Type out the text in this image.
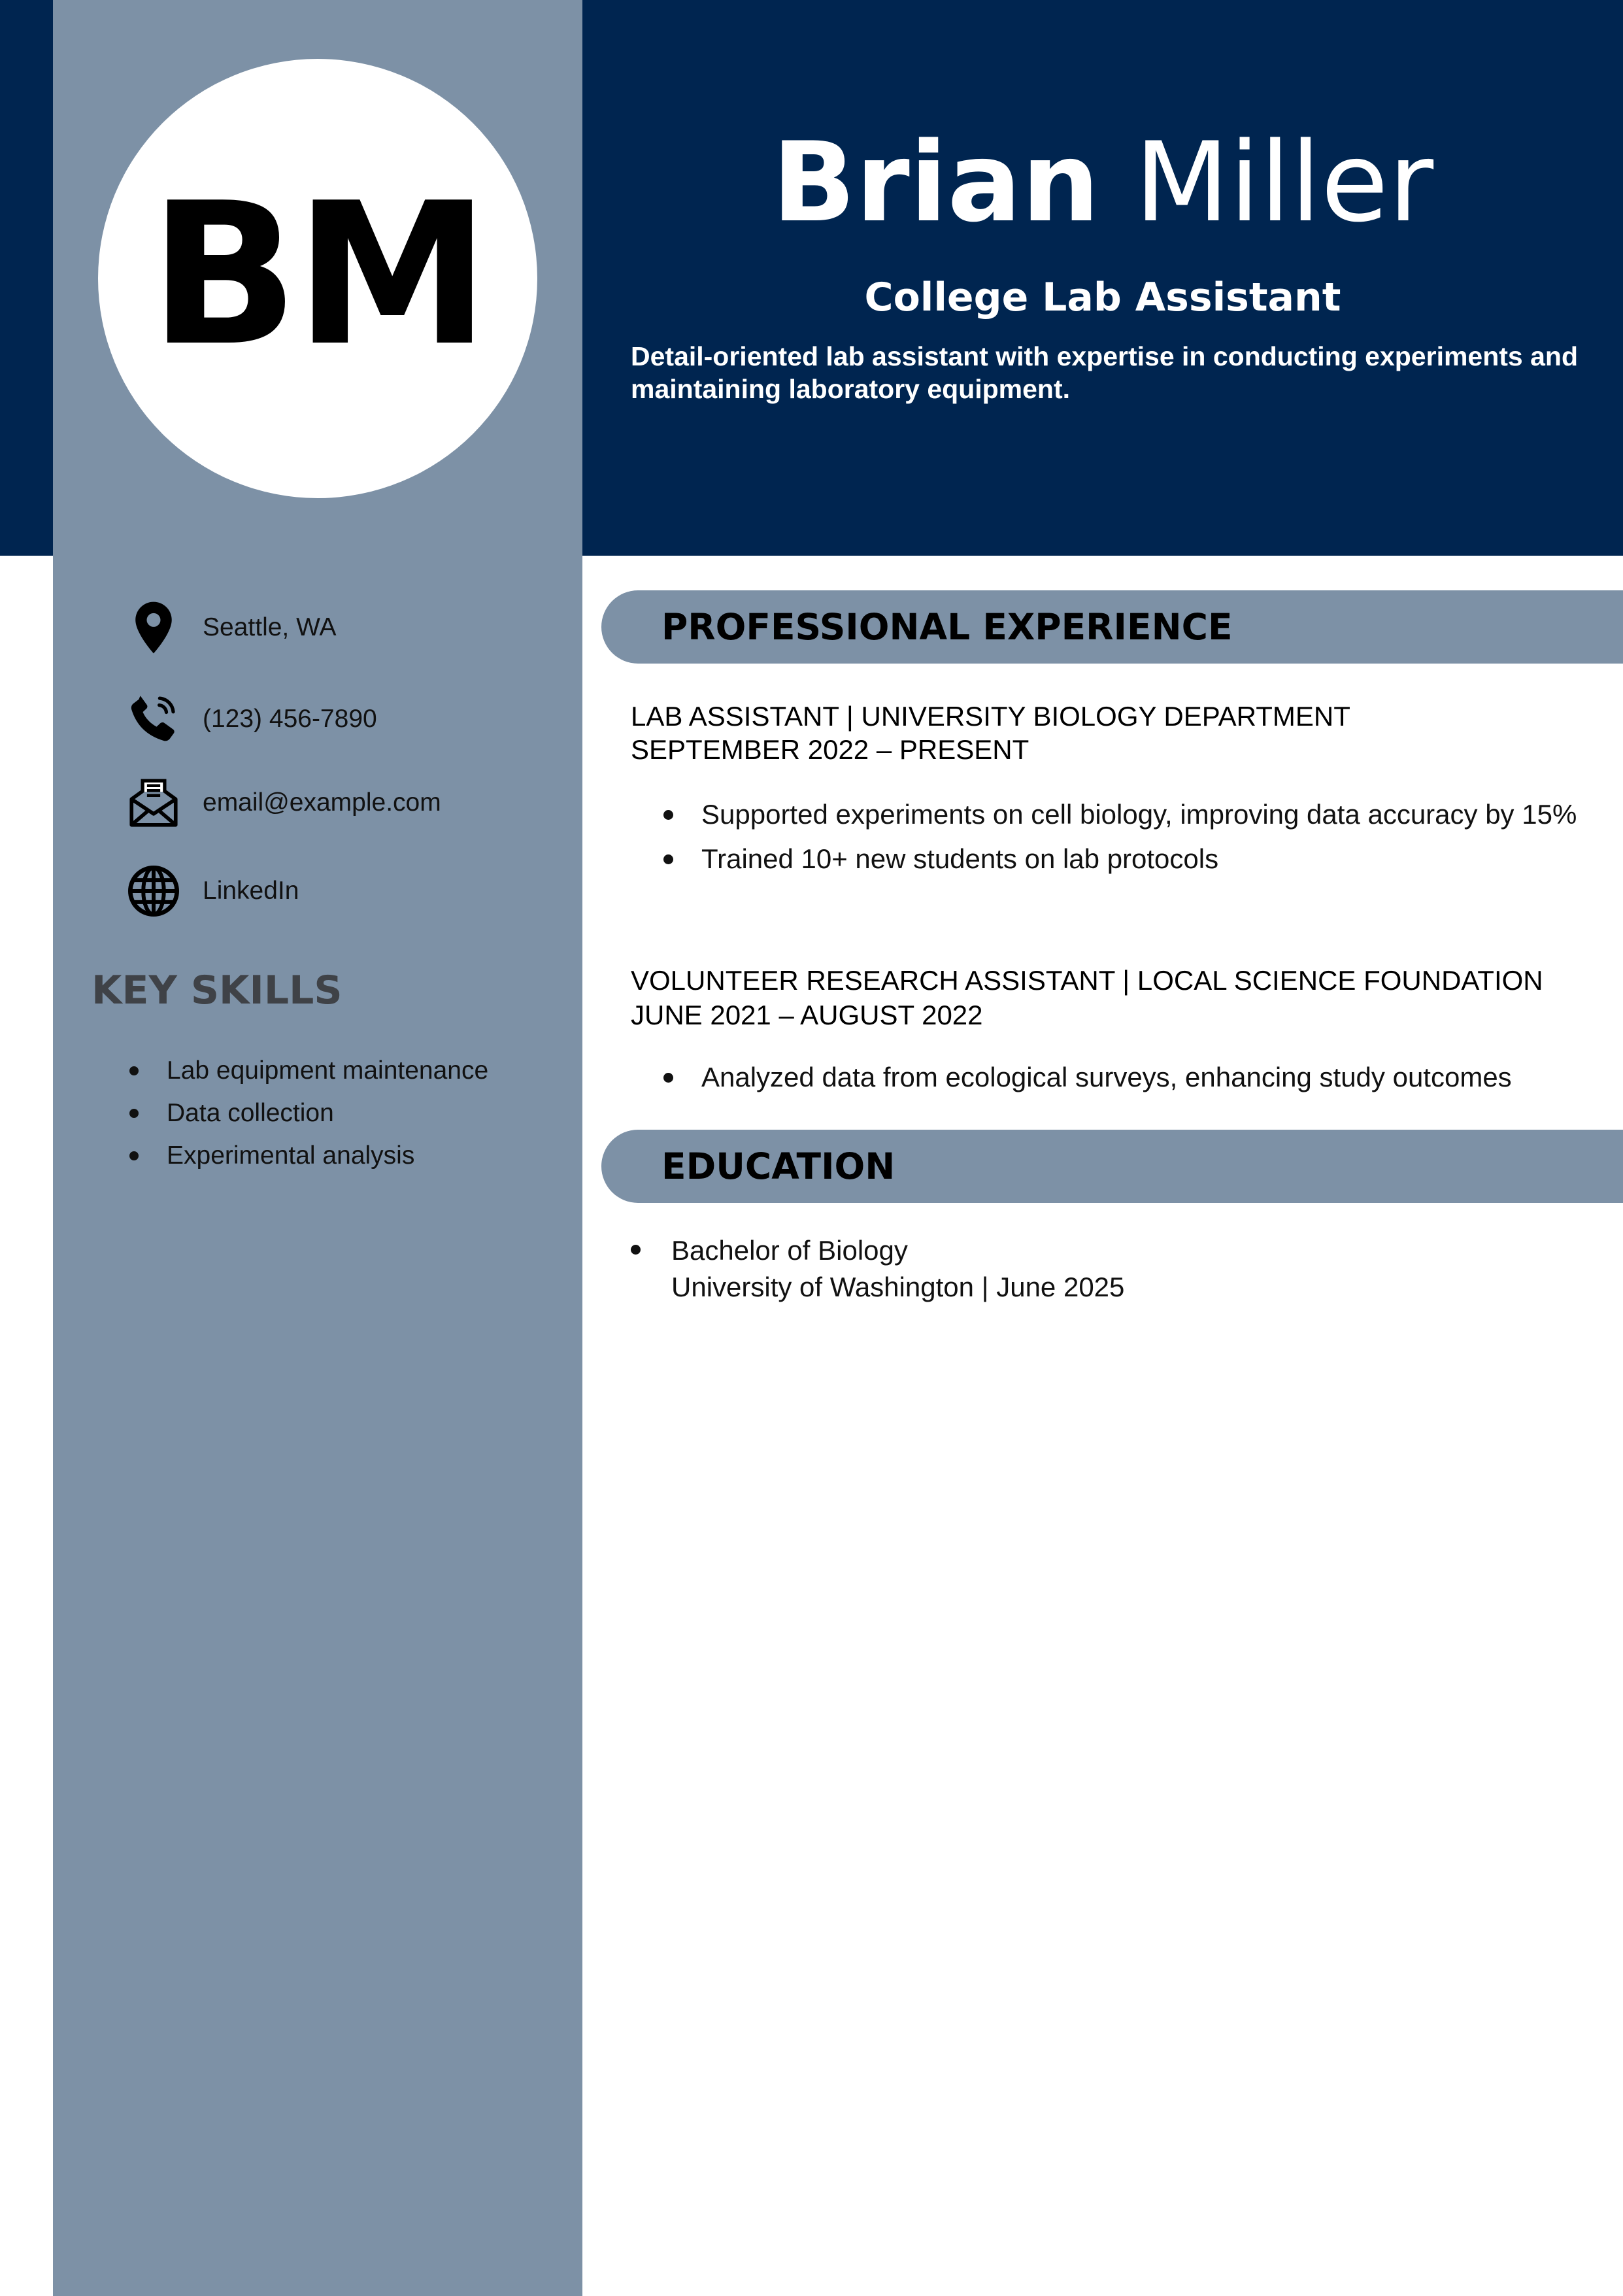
BM	Brian Miller
College Lab Assistant
Detail-oriented lab assistant with expertise in conducting experiments and maintaining laboratory equipment.
Seattle, WA
(123) 456-7890
email@example.com
LinkedIn
KEY SKILLS
Lab equipment maintenance
Data collection
Experimental analysis
PROFESSIONAL EXPERIENCE
LAB ASSISTANT | UNIVERSITY BIOLOGY DEPARTMENT
SEPTEMBER 2022 – PRESENT
Supported experiments on cell biology, improving data accuracy by 15%
Trained 10+ new students on lab protocols
VOLUNTEER RESEARCH ASSISTANT | LOCAL SCIENCE FOUNDATION
JUNE 2021 – AUGUST 2022
Analyzed data from ecological surveys, enhancing study outcomes
EDUCATION
Bachelor of Biology
University of Washington | June 2025
